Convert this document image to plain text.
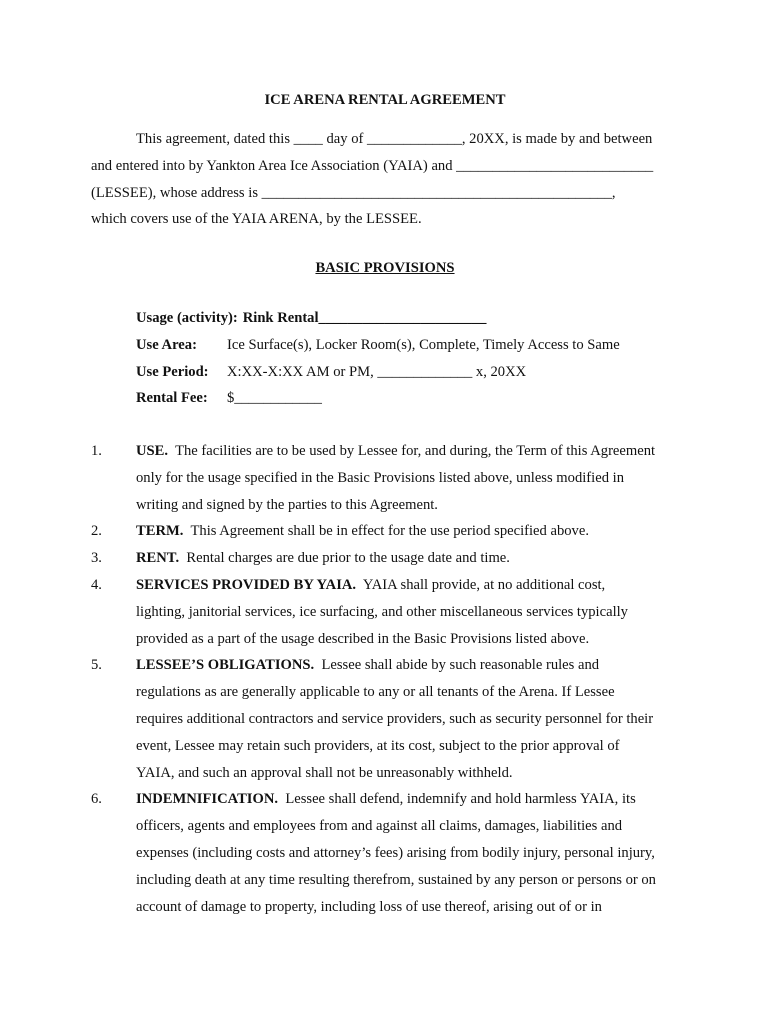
ICE ARENA RENTAL AGREEMENT
This agreement, dated this ____ day of _____________, 20XX, is made by and between
and entered into by Yankton Area Ice Association (YAIA) and ___________________________
(LESSEE), whose address is ________________________________________________,
which covers use of the YAIA ARENA, by the LESSEE.
BASIC PROVISIONS
Usage (activity): Rink Rental_______________________
Use Area: Ice Surface(s), Locker Room(s), Complete, Timely Access to Same
Use Period: X:XX-X:XX AM or PM, _____________ x, 20XX
Rental Fee: $____________
1. USE. The facilities are to be used by Lessee for, and during, the Term of this Agreement
only for the usage specified in the Basic Provisions listed above, unless modified in
writing and signed by the parties to this Agreement.
2. TERM. This Agreement shall be in effect for the use period specified above.
3. RENT. Rental charges are due prior to the usage date and time.
4. SERVICES PROVIDED BY YAIA. YAIA shall provide, at no additional cost,
lighting, janitorial services, ice surfacing, and other miscellaneous services typically
provided as a part of the usage described in the Basic Provisions listed above.
5. LESSEE’S OBLIGATIONS. Lessee shall abide by such reasonable rules and
regulations as are generally applicable to any or all tenants of the Arena. If Lessee
requires additional contractors and service providers, such as security personnel for their
event, Lessee may retain such providers, at its cost, subject to the prior approval of
YAIA, and such an approval shall not be unreasonably withheld.
6. INDEMNIFICATION. Lessee shall defend, indemnify and hold harmless YAIA, its
officers, agents and employees from and against all claims, damages, liabilities and
expenses (including costs and attorney’s fees) arising from bodily injury, personal injury,
including death at any time resulting therefrom, sustained by any person or persons or on
account of damage to property, including loss of use thereof, arising out of or in
